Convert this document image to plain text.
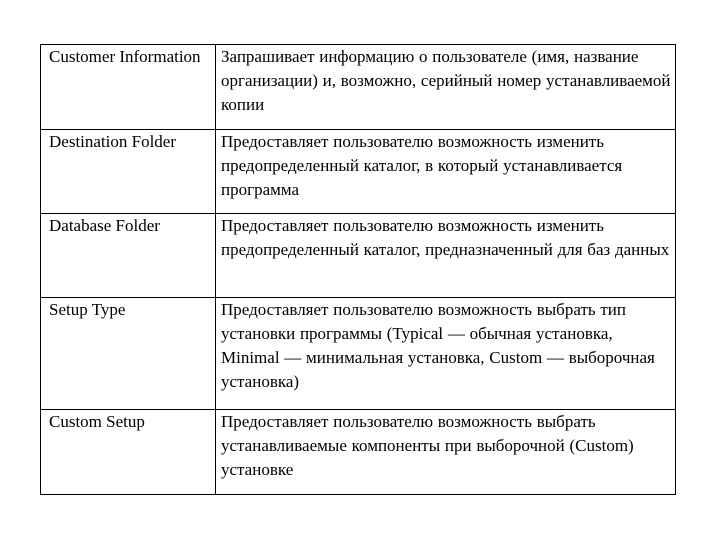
Customer Information	Запрашивает информацию о пользователе (имя, название организации) и, возможно, серийный номер устанавливаемой копии

Destination Folder	Предоставляет пользователю возможность изменить предопределенный каталог, в который устанавливается программа

Database Folder	Предоставляет пользователю возможность изменить предопределенный каталог, предназначенный для баз данных

Setup Type	Предоставляет пользователю возможность выбрать тип установки программы (Typical — обычная установка, Minimal — минимальная установка, Custom — выборочная установка)

Custom Setup	Предоставляет пользователю возможность выбрать устанавливаемые компоненты при выборочной (Custom) установке
